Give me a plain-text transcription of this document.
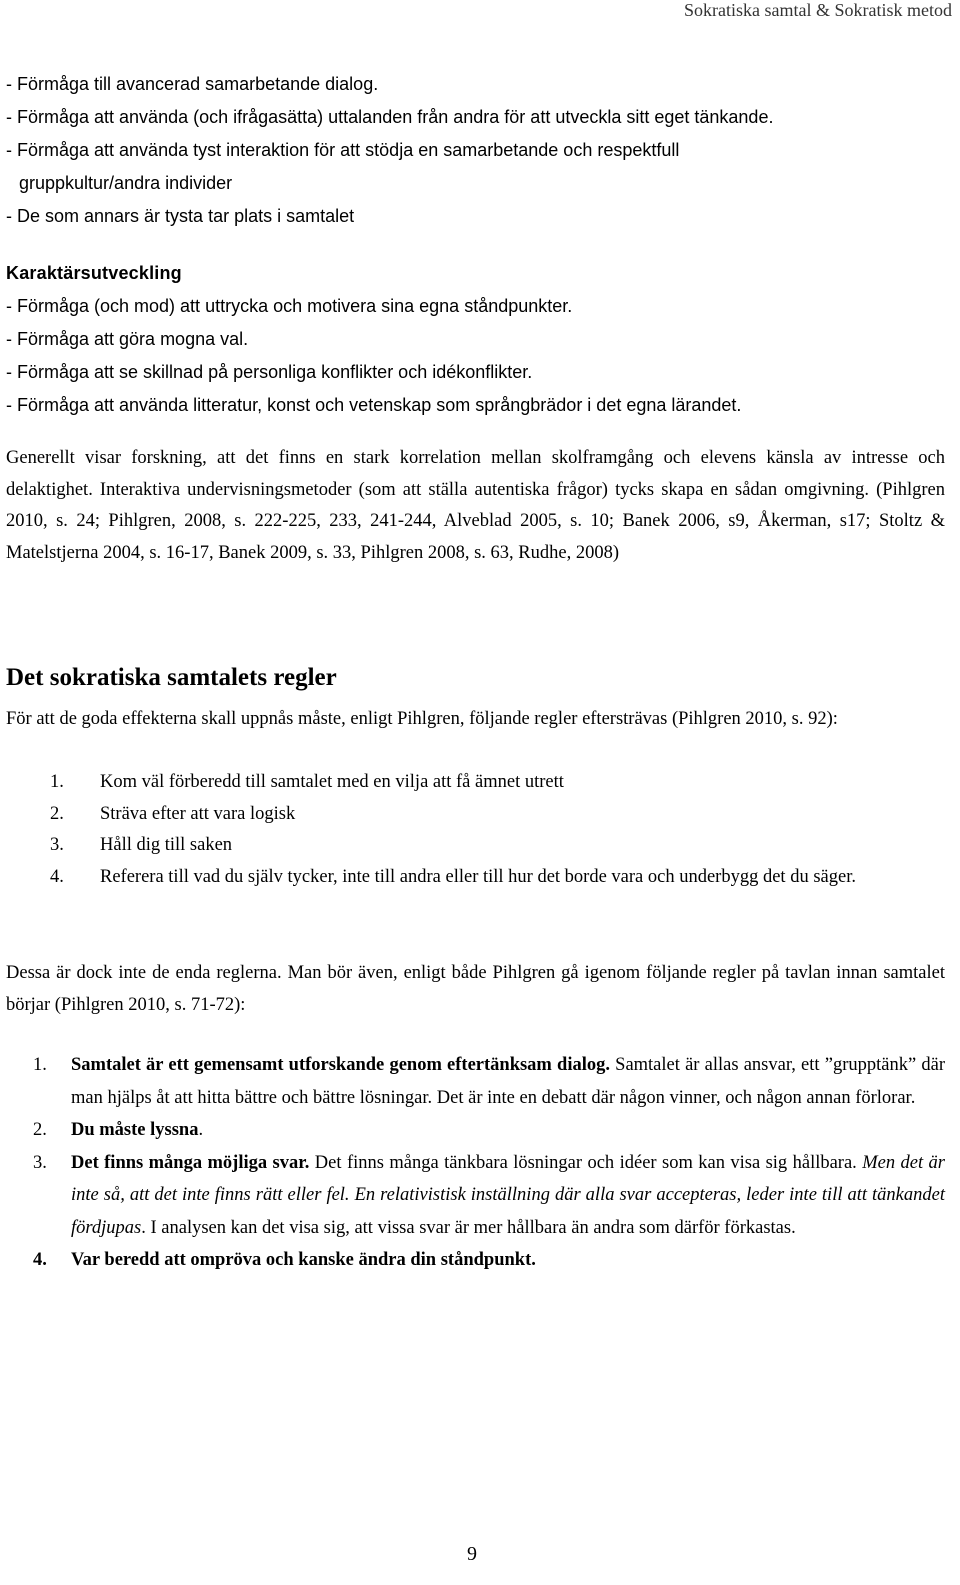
Sokratiska samtal & Sokratisk metod
- Förmåga till avancerad samarbetande dialog.
- Förmåga att använda (och ifrågasätta) uttalanden från andra för att utveckla sitt eget tänkande.
- Förmåga att använda tyst interaktion för att stödja en samarbetande och respektfull
gruppkultur/andra individer
- De som annars är tysta tar plats i samtalet
Karaktärsutveckling
- Förmåga (och mod) att uttrycka och motivera sina egna ståndpunkter.
- Förmåga att göra mogna val.
- Förmåga att se skillnad på personliga konflikter och idékonflikter.
- Förmåga att använda litteratur, konst och vetenskap som språngbrädor i det egna lärandet.

Generellt visar forskning, att det finns en stark korrelation mellan skolframgång och elevens känsla av intresse och delaktighet. Interaktiva undervisningsmetoder (som att ställa autentiska frågor) tycks skapa en sådan omgivning. (Pihlgren 2010, s. 24; Pihlgren, 2008, s. 222-225, 233, 241-244, Alveblad 2005, s. 10; Banek 2006, s9, Åkerman, s17; Stoltz & Matelstjerna 2004, s. 16-17, Banek 2009, s. 33, Pihlgren 2008, s. 63, Rudhe, 2008)

Det sokratiska samtalets regler

För att de goda effekterna skall uppnås måste, enligt Pihlgren, följande regler eftersträvas (Pihlgren 2010, s. 92):

1.	Kom väl förberedd till samtalet med en vilja att få ämnet utrett
2.	Sträva efter att vara logisk
3.	Håll dig till saken
4.	Referera till vad du själv tycker, inte till andra eller till hur det borde vara och underbygg det du säger.

Dessa är dock inte de enda reglerna. Man bör även, enligt både Pihlgren gå igenom följande regler på tavlan innan samtalet börjar (Pihlgren 2010, s. 71-72):

1.	Samtalet är ett gemensamt utforskande genom eftertänksam dialog. Samtalet är allas ansvar, ett ”grupptänk” där man hjälps åt att hitta bättre och bättre lösningar. Det är inte en debatt där någon vinner, och någon annan förlorar.
2.	Du måste lyssna.
3.	Det finns många möjliga svar. Det finns många tänkbara lösningar och idéer som kan visa sig hållbara. Men det är inte så, att det inte finns rätt eller fel. En relativistisk inställning där alla svar accepteras, leder inte till att tänkandet fördjupas. I analysen kan det visa sig, att vissa svar är mer hållbara än andra som därför förkastas.
4.	Var beredd att ompröva och kanske ändra din ståndpunkt.
9
